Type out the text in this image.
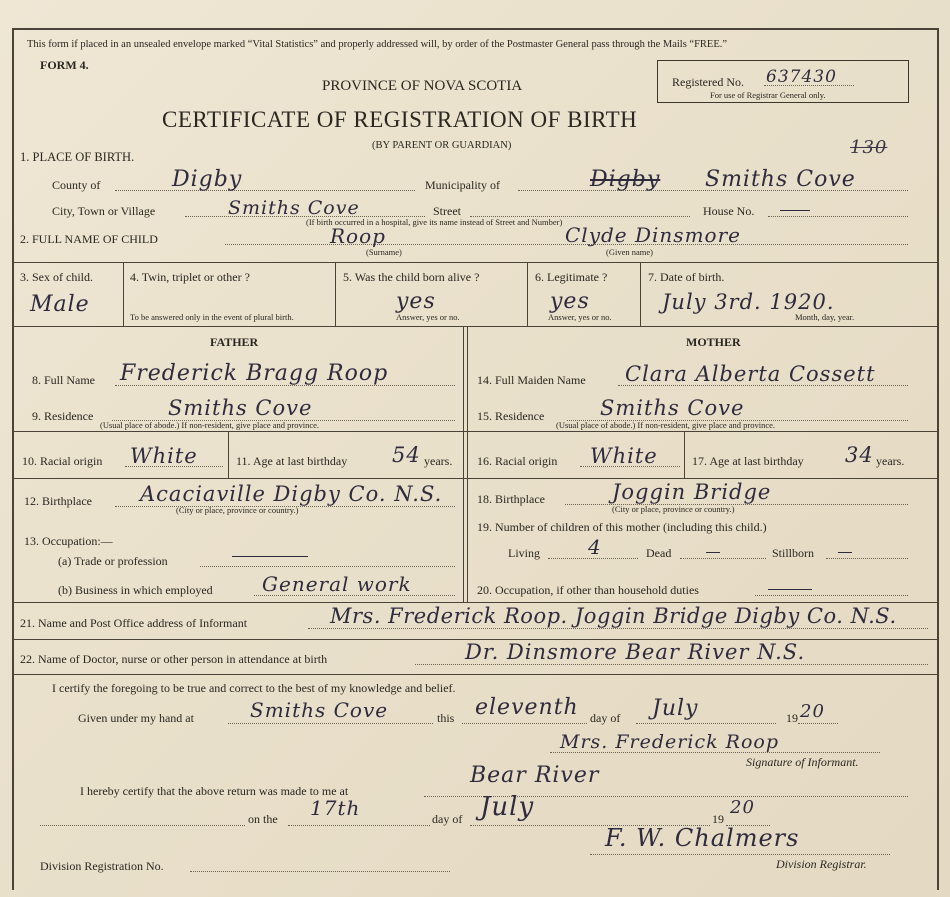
This form if placed in an unsealed envelope marked “Vital Statistics” and properly addressed will, by order of the Postmaster General pass through the Mails “FREE.”
FORM 4.
PROVINCE OF NOVA SCOTIA
CERTIFICATE OF REGISTRATION OF BIRTH
(BY PARENT OR GUARDIAN)
Registered No. 637430
For use of Registrar General only.
130
1. PLACE OF BIRTH.
County of	Digby	Municipality of	Digby Smiths Cove
City, Town or Village	Smiths Cove	Street
(If birth occurred in a hospital, give its name instead of Street and Number)
House No.
2. FULL NAME OF CHILD	Roop
(Surname)
Clyde Dinsmore
(Given name)
3. Sex of child.
Male
4. Twin, triplet or other ?
To be answered only in the event of plural birth.
5. Was the child born alive ?
yes
Answer, yes or no.
6. Legitimate ?
yes
Answer, yes or no.
7. Date of birth.
July 3rd. 1920.
Month, day, year.
FATHER	MOTHER
8. Full Name Frederick Bragg Roop
9. Residence	Smiths Cove
(Usual place of abode.) If non-resident, give place and province.
10. Racial origin White	11. Age at last birthday 54 years.
12. Birthplace Acaciaville Digby Co. N.S.
(City or place, province or country.)
13. Occupation:—
(a) Trade or profession
(b) Business in which employed General work
14. Full Maiden Name Clara Alberta Cossett
15. Residence	Smiths Cove
(Usual place of abode.) If non-resident, give place and province.
16. Racial origin White	17. Age at last birthday 34 years.
18. Birthplace	Joggin Bridge
(City or place, province or country.)
19. Number of children of this mother (including this child.)
Living 4	Dead	Stillborn
20. Occupation, if other than household duties
21. Name and Post Office address of Informant	Mrs. Frederick Roop. Joggin Bridge Digby Co. N.S.
22. Name of Doctor, nurse or other person in attendance at birth	Dr. Dinsmore Bear River N.S.
I certify the foregoing to be true and correct to the best of my knowledge and belief.
Given under my hand at	Smiths Cove	this eleventh day of July	19 20
Mrs. Frederick Roop
Signature of Informant.
I hereby certify that the above return was made to me at
Bear River
on the 17th	day of July	19
20
F. W. Chalmers
Division Registrar.
Division Registration No.
